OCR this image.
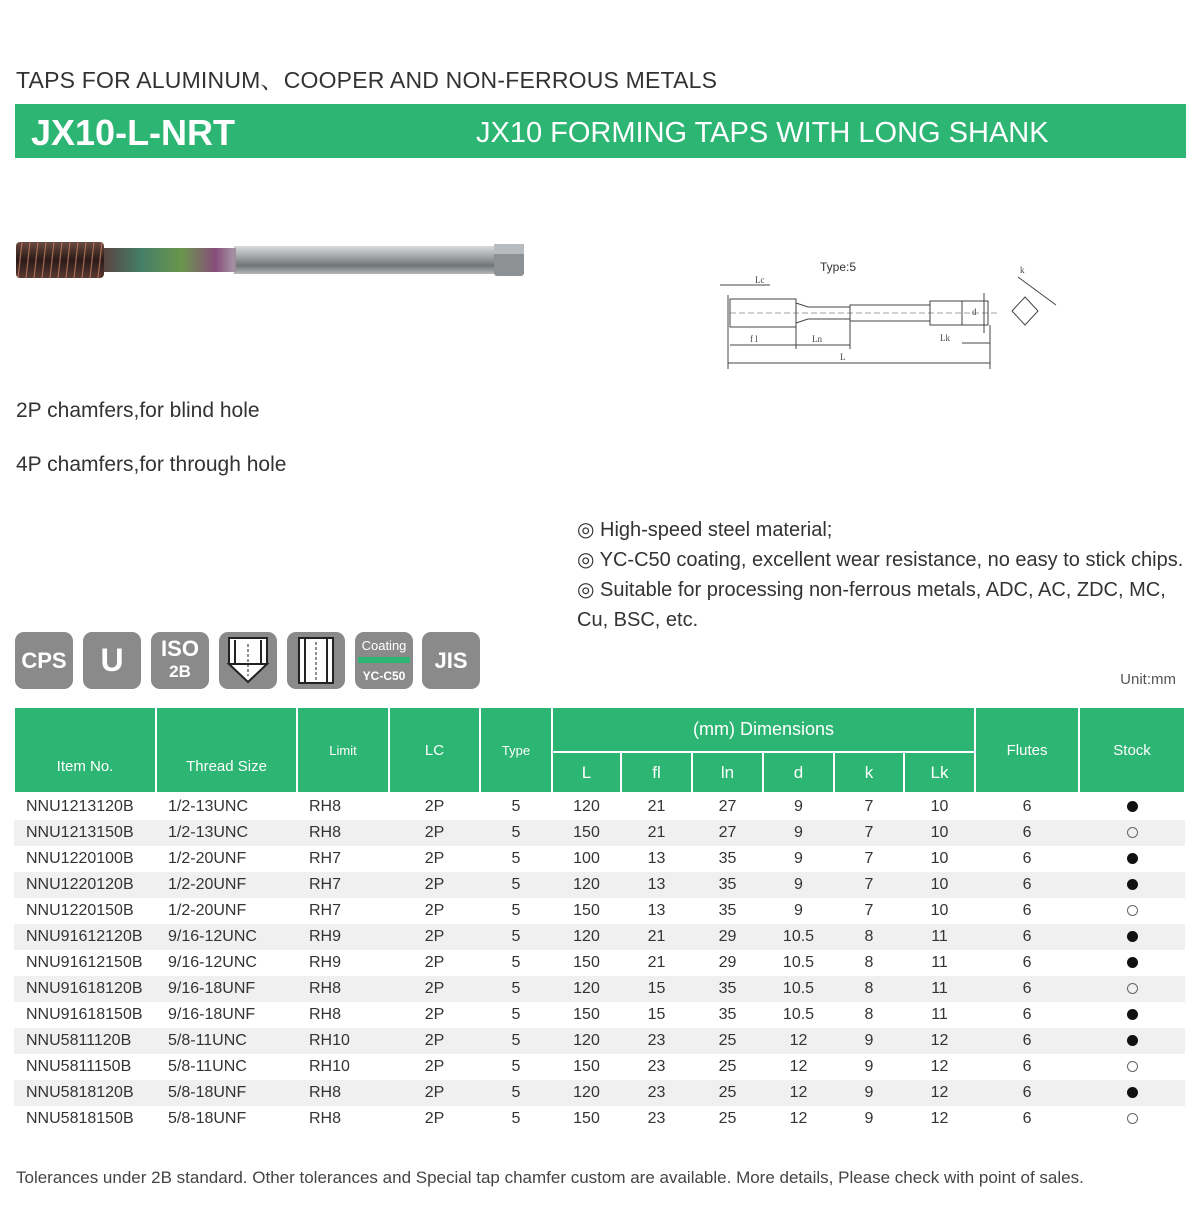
TAPS FOR ALUMINUM、COOPER AND NON-FERROUS METALS
JX10-L-NRT	JX10 FORMING TAPS WITH LONG SHANK
Type:5
Lc
f l	Ln
L
Lk
d
k
2P chamfers,for blind hole
4P chamfers,for through hole
◎ High-speed steel material;
◎ YC-C50 coating, excellent wear resistance, no easy to stick chips.
◎ Suitable for processing non-ferrous metals, ADC, AC, ZDC, MC, Cu, BSC, etc.
CPS	U	ISO
2B
Coating
YC-C50
JIS
Unit:mm
Item No.	Thread Size	Limit	LC	Type	(mm) Dimensions						Flutes	Stock
					L	fl	ln	d	k	Lk		
NNU1213120B	1/2-13UNC	RH8	2P	5	120	21	27	9	7	10	6	
NNU1213150B	1/2-13UNC	RH8	2P	5	150	21	27	9	7	10	6	
NNU1220100B	1/2-20UNF	RH7	2P	5	100	13	35	9	7	10	6	
NNU1220120B	1/2-20UNF	RH7	2P	5	120	13	35	9	7	10	6	
NNU1220150B	1/2-20UNF	RH7	2P	5	150	13	35	9	7	10	6	
NNU91612120B	9/16-12UNC	RH9	2P	5	120	21	29	10.5	8	11	6	
NNU91612150B	9/16-12UNC	RH9	2P	5	150	21	29	10.5	8	11	6	
NNU91618120B	9/16-18UNF	RH8	2P	5	120	15	35	10.5	8	11	6	
NNU91618150B	9/16-18UNF	RH8	2P	5	150	15	35	10.5	8	11	6	
NNU5811120B	5/8-11UNC	RH10	2P	5	120	23	25	12	9	12	6	
NNU5811150B	5/8-11UNC	RH10	2P	5	150	23	25	12	9	12	6	
NNU5818120B	5/8-18UNF	RH8	2P	5	120	23	25	12	9	12	6	
NNU5818150B	5/8-18UNF	RH8	2P	5	150	23	25	12	9	12	6	
Tolerances under 2B standard. Other tolerances and Special tap chamfer custom are available. More details, Please check with point of sales.
